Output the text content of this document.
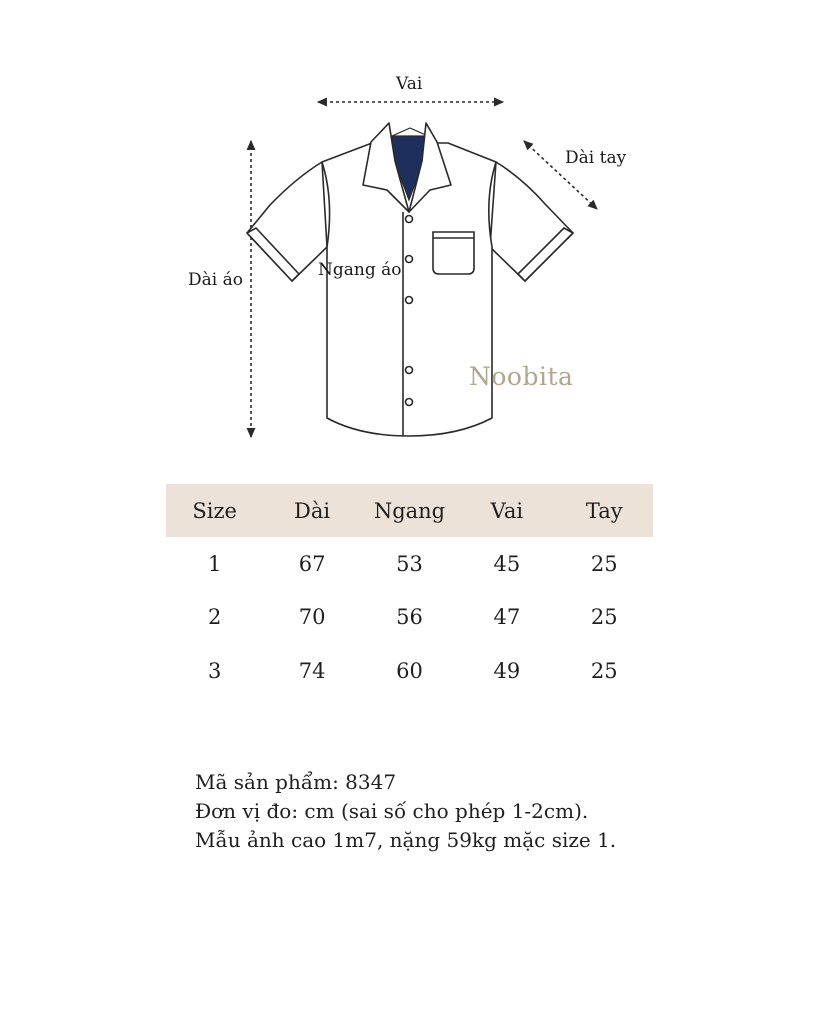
Vai
Dài tay
Dài áo	Ngang áo
Noobita
Size	Dài	Ngang	Vai	Tay
1	67	53	45	25
2	70	56	47	25
3	74	60	49	25

Mã sản phẩm: 8347

Đơn vị đo: cm (sai số cho phép 1-2cm).

Mẫu ảnh cao 1m7, nặng 59kg mặc size 1.
